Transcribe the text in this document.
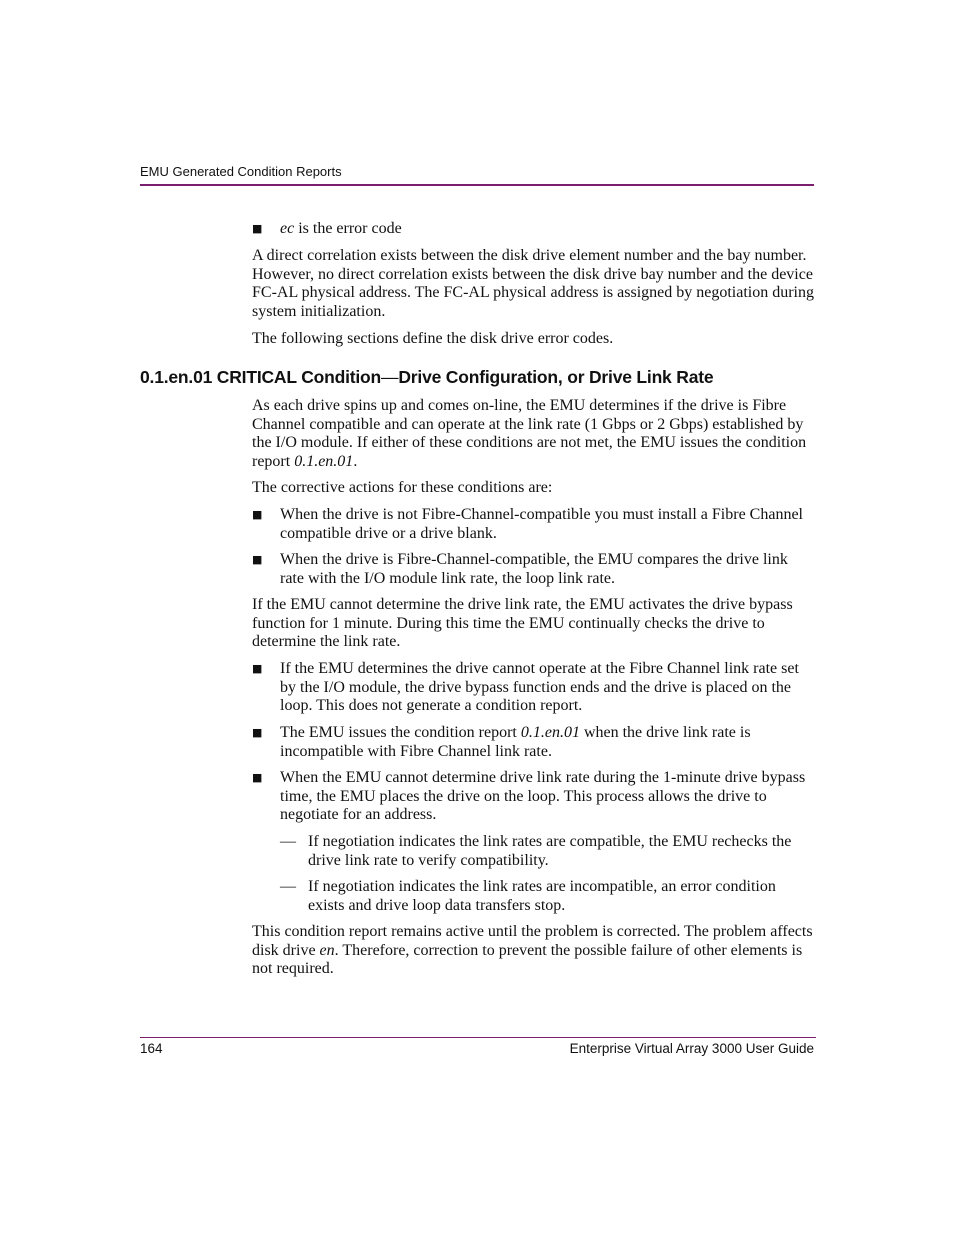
EMU Generated Condition Reports
■	ec is the error code

A direct correlation exists between the disk drive element number and the bay number. However, no direct correlation exists between the disk drive bay number and the device FC-AL physical address. The FC-AL physical address is assigned by negotiation during system initialization.

The following sections define the disk drive error codes.

0.1.en.01 CRITICAL Condition—Drive Configuration, or Drive Link Rate

As each drive spins up and comes on-line, the EMU determines if the drive is Fibre Channel compatible and can operate at the link rate (1 Gbps or 2 Gbps) established by the I/O module. If either of these conditions are not met, the EMU issues the condition report 0.1.en.01.

The corrective actions for these conditions are:

■	When the drive is not Fibre-Channel-compatible you must install a Fibre Channel compatible drive or a drive blank.
■	When the drive is Fibre-Channel-compatible, the EMU compares the drive link rate with the I/O module link rate, the loop link rate.

If the EMU cannot determine the drive link rate, the EMU activates the drive bypass function for 1 minute. During this time the EMU continually checks the drive to determine the link rate.

■	If the EMU determines the drive cannot operate at the Fibre Channel link rate set by the I/O module, the drive bypass function ends and the drive is placed on the loop. This does not generate a condition report.
■	The EMU issues the condition report 0.1.en.01 when the drive link rate is incompatible with Fibre Channel link rate.
■	When the EMU cannot determine drive link rate during the 1-minute drive bypass time, the EMU places the drive on the loop. This process allows the drive to negotiate for an address.
— If negotiation indicates the link rates are compatible, the EMU rechecks the drive link rate to verify compatibility.
— If negotiation indicates the link rates are incompatible, an error condition exists and drive loop data transfers stop.

This condition report remains active until the problem is corrected. The problem affects disk drive en. Therefore, correction to prevent the possible failure of other elements is not required.

164	Enterprise Virtual Array 3000 User Guide
